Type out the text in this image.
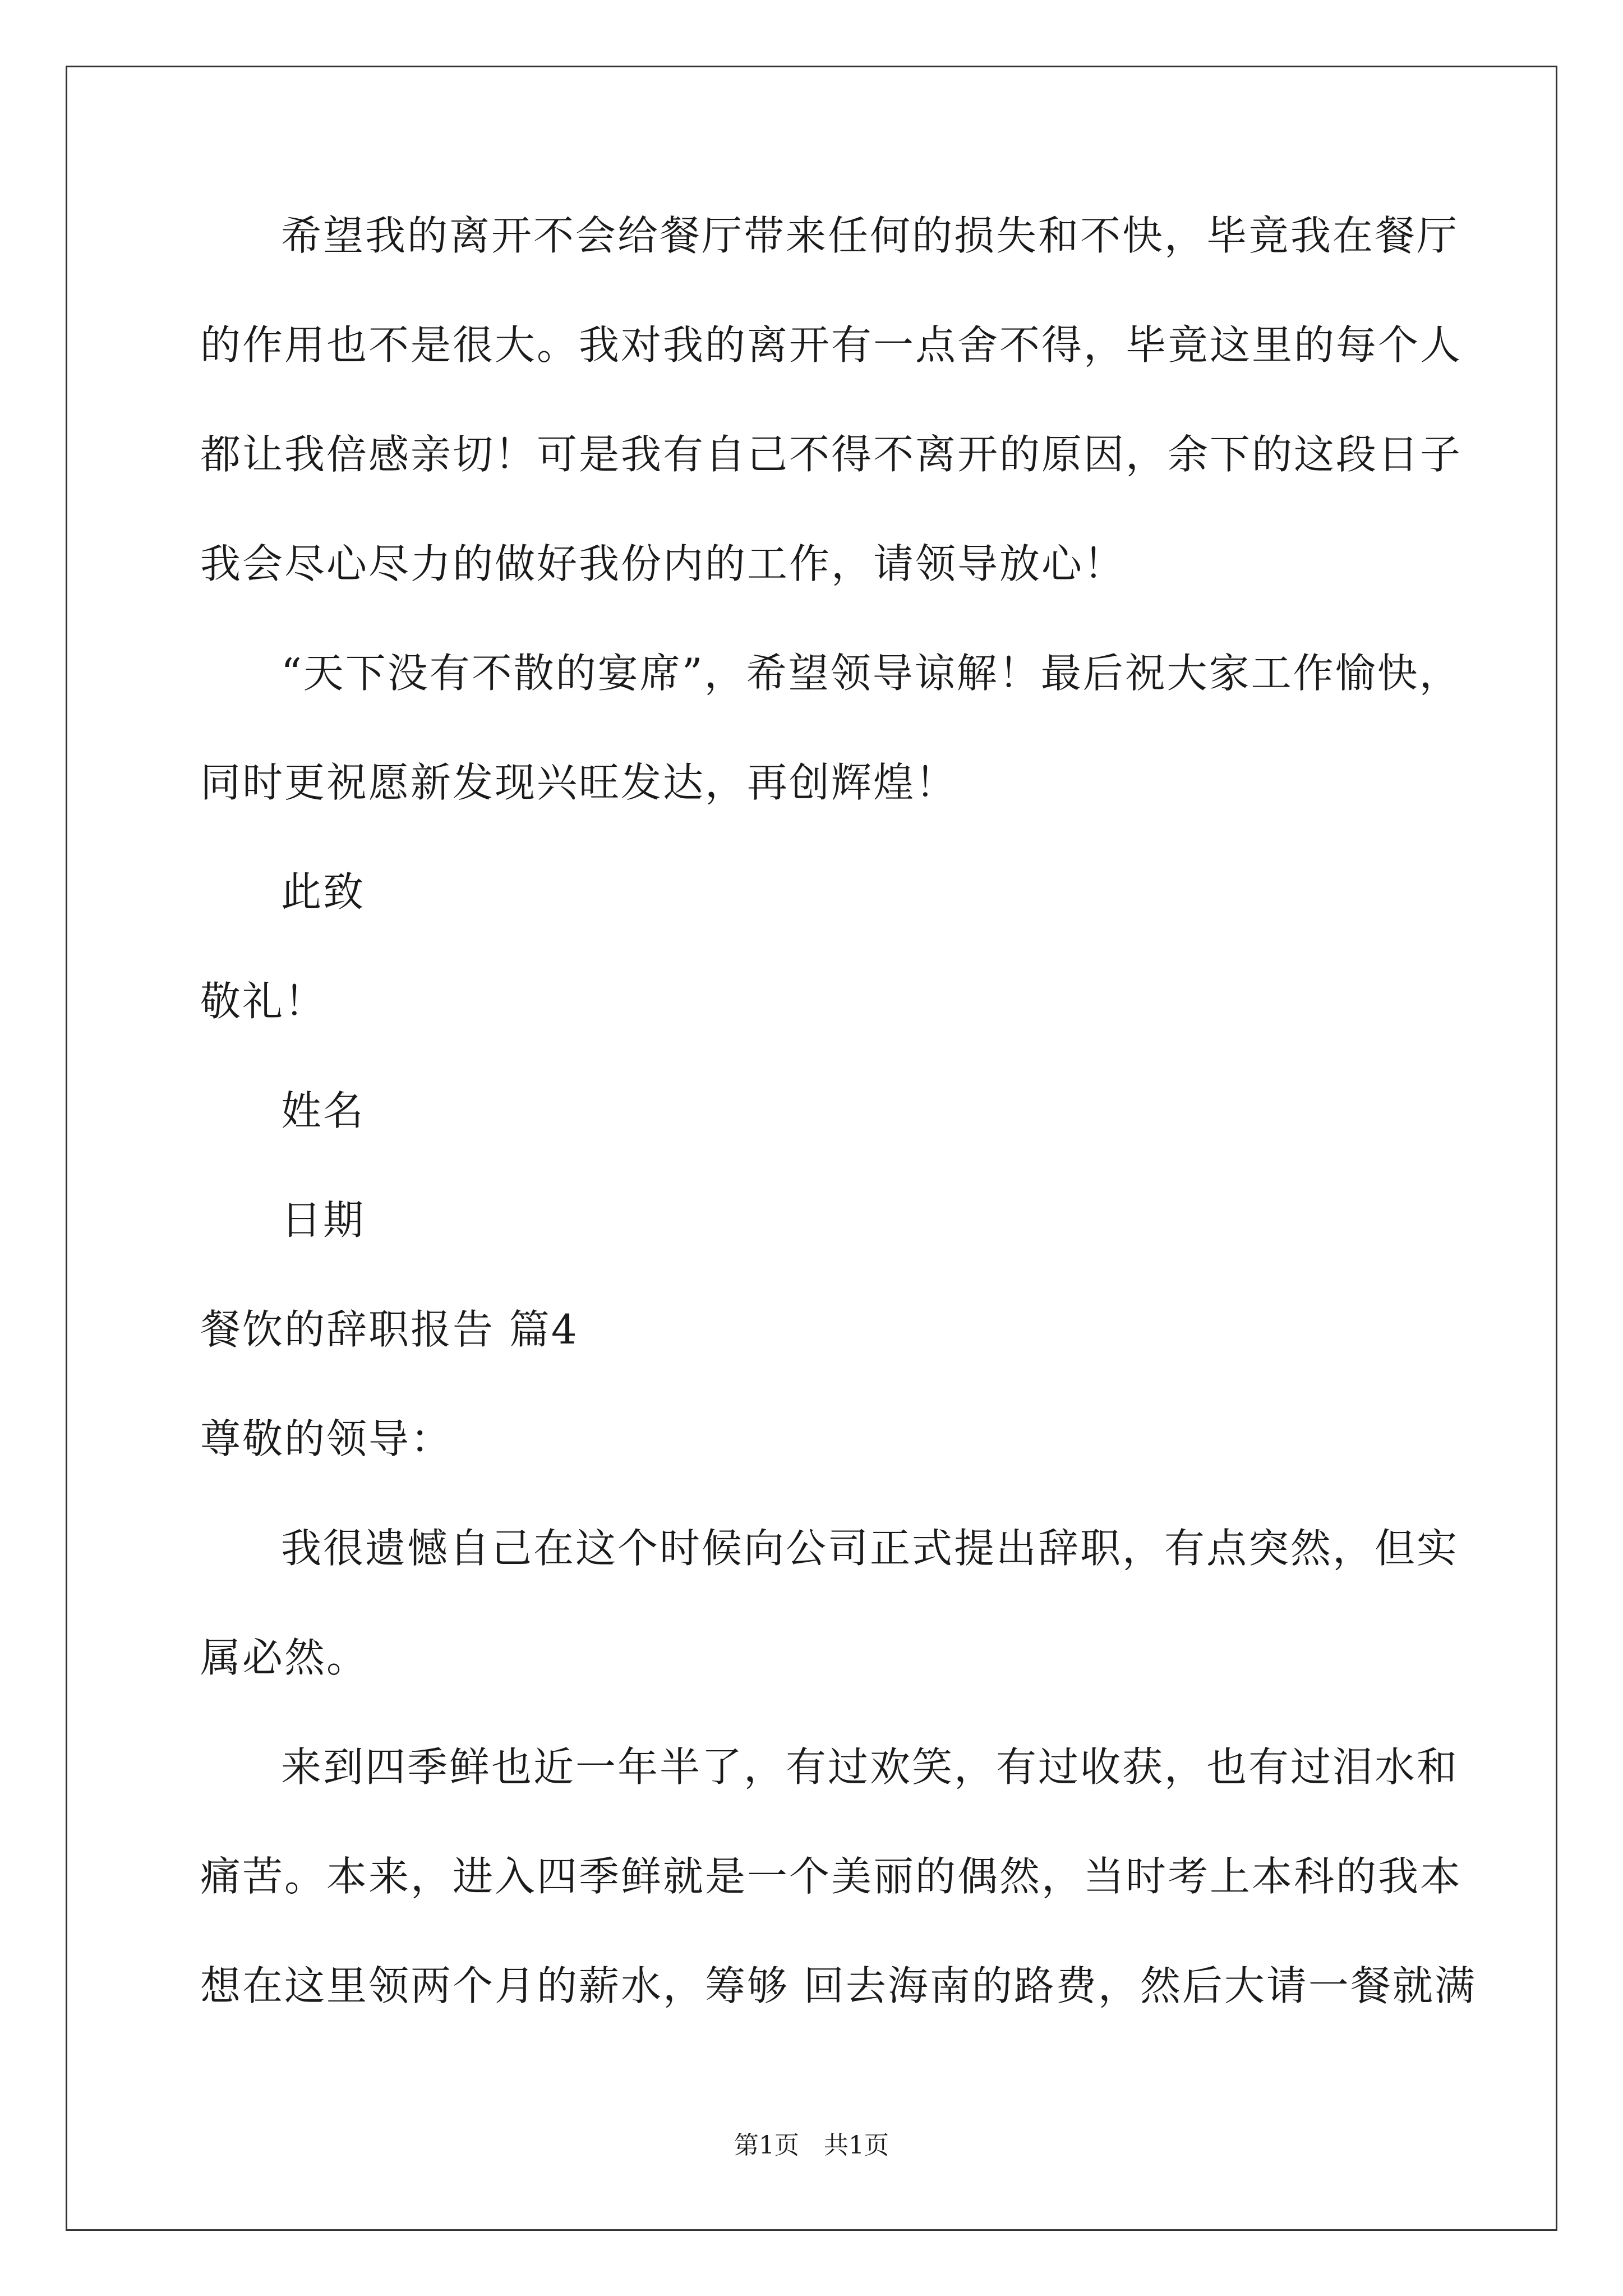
希望我的离开不会给餐厅带来任何的损失和不快，毕竟我在餐厅
的作用也不是很大。我对我的离开有一点舍不得，毕竟这里的每个人
都让我倍感亲切！可是我有自己不得不离开的原因，余下的这段日子
我会尽心尽力的做好我份内的工作，请领导放心！
“天下没有不散的宴席”，希望领导谅解！最后祝大家工作愉快，
同时更祝愿新发现兴旺发达，再创辉煌！
此致
敬礼！
姓名
日期
餐饮的辞职报告 篇4
尊敬的领导：
我很遗憾自己在这个时候向公司正式提出辞职，有点突然，但实
属必然。
来到四季鲜也近一年半了，有过欢笑，有过收获，也有过泪水和
痛苦。本来，进入四季鲜就是一个美丽的偶然，当时考上本科的我本
想在这里领两个月的薪水，筹够 回去海南的路费，然后大请一餐就满
第1页　共1页
